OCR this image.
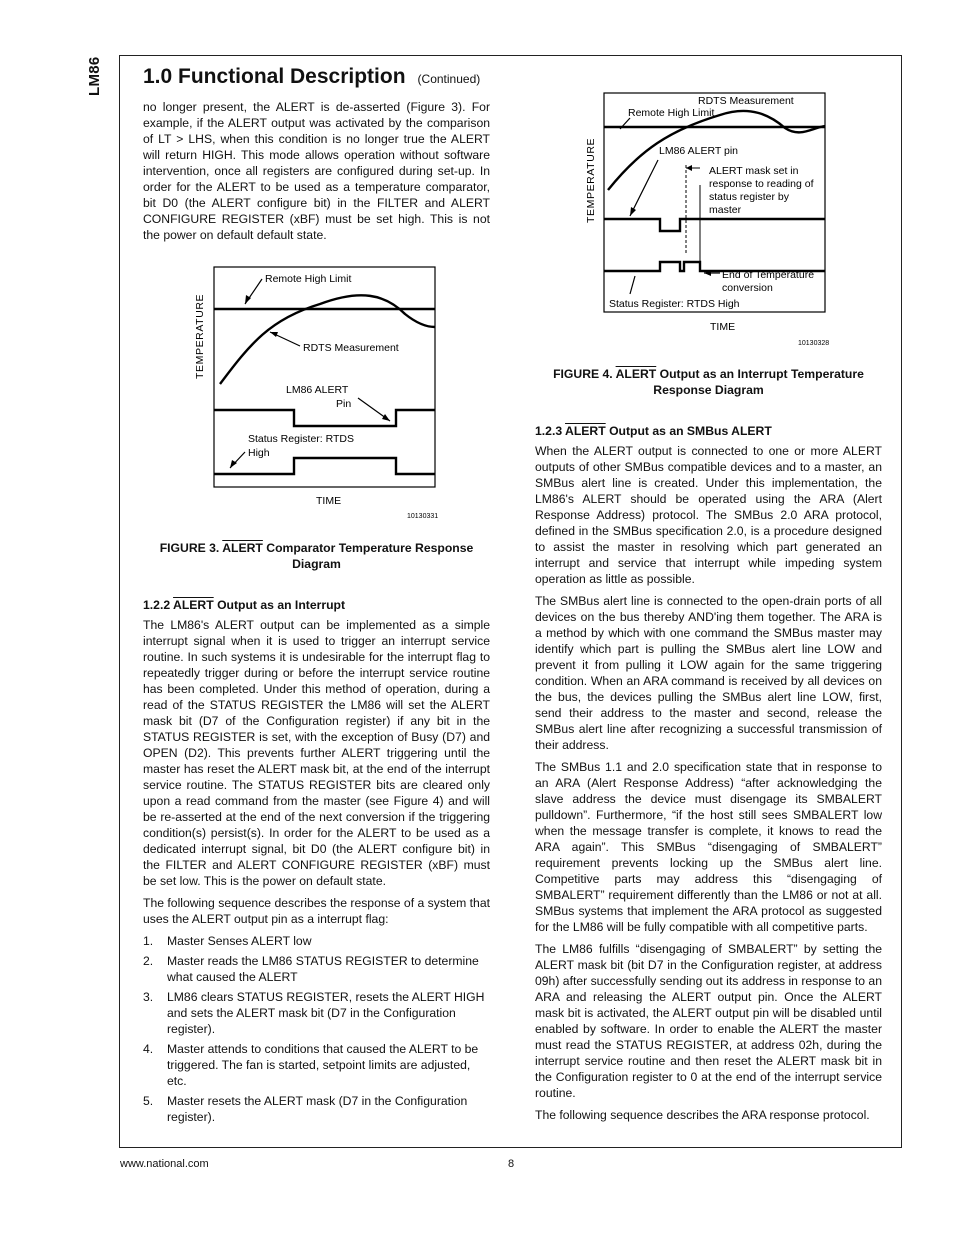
LM86 1.0 Functional Description (Continued)

no longer present, the ALERT is de-asserted (Figure 3). For example, if the ALERT output was activated by the comparison of LT > LHS, when this condition is no longer true the ALERT will return HIGH. This mode allows operation without software intervention, once all registers are configured during set-up. In order for the ALERT to be used as a temperature comparator, bit D0 (the ALERT configure bit) in the FILTER and ALERT CONFIGURE REGISTER (xBF) must be set high. This is not the power on default default state.

Remote High Limit
RDTS Measurement
LM86 ALERT
Pin
Status Register: RTDS
High
TEMPERATURE
TIME
10130331
FIGURE 3. ALERT Comparator Temperature Response
Diagram
1.2.2 ALERT Output as an Interrupt

The LM86's ALERT output can be implemented as a simple interrupt signal when it is used to trigger an interrupt service routine. In such systems it is undesirable for the interrupt flag to repeatedly trigger during or before the interrupt service routine has been completed. Under this method of operation, during a read of the STATUS REGISTER the LM86 will set the ALERT mask bit (D7 of the Configuration register) if any bit in the STATUS REGISTER is set, with the exception of Busy (D7) and OPEN (D2). This prevents further ALERT triggering until the master has reset the ALERT mask bit, at the end of the interrupt service routine. The STATUS REGISTER bits are cleared only upon a read command from the master (see Figure 4) and will be re-asserted at the end of the next conversion if the triggering condition(s) persist(s). In order for the ALERT to be used as a dedicated interrupt signal, bit D0 (the ALERT configure bit) in the FILTER and ALERT CONFIGURE REGISTER (xBF) must be set low. This is the power on default state.

The following sequence describes the response of a system that uses the ALERT output pin as a interrupt flag:

1. Master Senses ALERT low
2. Master reads the LM86 STATUS REGISTER to determine what caused the ALERT
3. LM86 clears STATUS REGISTER, resets the ALERT HIGH and sets the ALERT mask bit (D7 in the Configuration register).
4. Master attends to conditions that caused the ALERT to be triggered. The fan is started, setpoint limits are adjusted, etc.
5. Master resets the ALERT mask (D7 in the Configuration register).
RDTS Measurement
Remote High Limit
LM86 ALERT pin
ALERT mask set in
response to reading of
status register by
master
End of Temperature
conversion
Status Register: RTDS High
TEMPERATURE
TIME
10130328
FIGURE 4. ALERT Output as an Interrupt Temperature
Response Diagram
1.2.3 ALERT Output as an SMBus ALERT

When the ALERT output is connected to one or more ALERT outputs of other SMBus compatible devices and to a master, an SMBus alert line is created. Under this implementation, the LM86's ALERT should be operated using the ARA (Alert Response Address) protocol. The SMBus 2.0 ARA protocol, defined in the SMBus specification 2.0, is a procedure designed to assist the master in resolving which part generated an interrupt and service that interrupt while impeding system operation as little as possible.

The SMBus alert line is connected to the open-drain ports of all devices on the bus thereby AND'ing them together. The ARA is a method by which with one command the SMBus master may identify which part is pulling the SMBus alert line LOW and prevent it from pulling it LOW again for the same triggering condition. When an ARA command is received by all devices on the bus, the devices pulling the SMBus alert line LOW, first, send their address to the master and second, release the SMBus alert line after recognizing a successful transmission of their address.

The SMBus 1.1 and 2.0 specification state that in response to an ARA (Alert Response Address) “after acknowledging the slave address the device must disengage its SMBALERT pulldown”. Furthermore, “if the host still sees SMBALERT low when the message transfer is complete, it knows to read the ARA again”. This SMBus “disengaging of SMBALERT” requirement prevents locking up the SMBus alert line. Competitive parts may address this “disengaging of SMBALERT” requirement differently than the LM86 or not at all. SMBus systems that implement the ARA protocol as suggested for the LM86 will be fully compatible with all competitive parts.

The LM86 fulfills “disengaging of SMBALERT” by setting the ALERT mask bit (bit D7 in the Configuration register, at address 09h) after successfully sending out its address in response to an ARA and releasing the ALERT output pin. Once the ALERT mask bit is activated, the ALERT output pin will be disabled until enabled by software. In order to enable the ALERT the master must read the STATUS REGISTER, at address 02h, during the interrupt service routine and then reset the ALERT mask bit in the Configuration register to 0 at the end of the interrupt service routine.

The following sequence describes the ARA response protocol.

www.national.com	8
